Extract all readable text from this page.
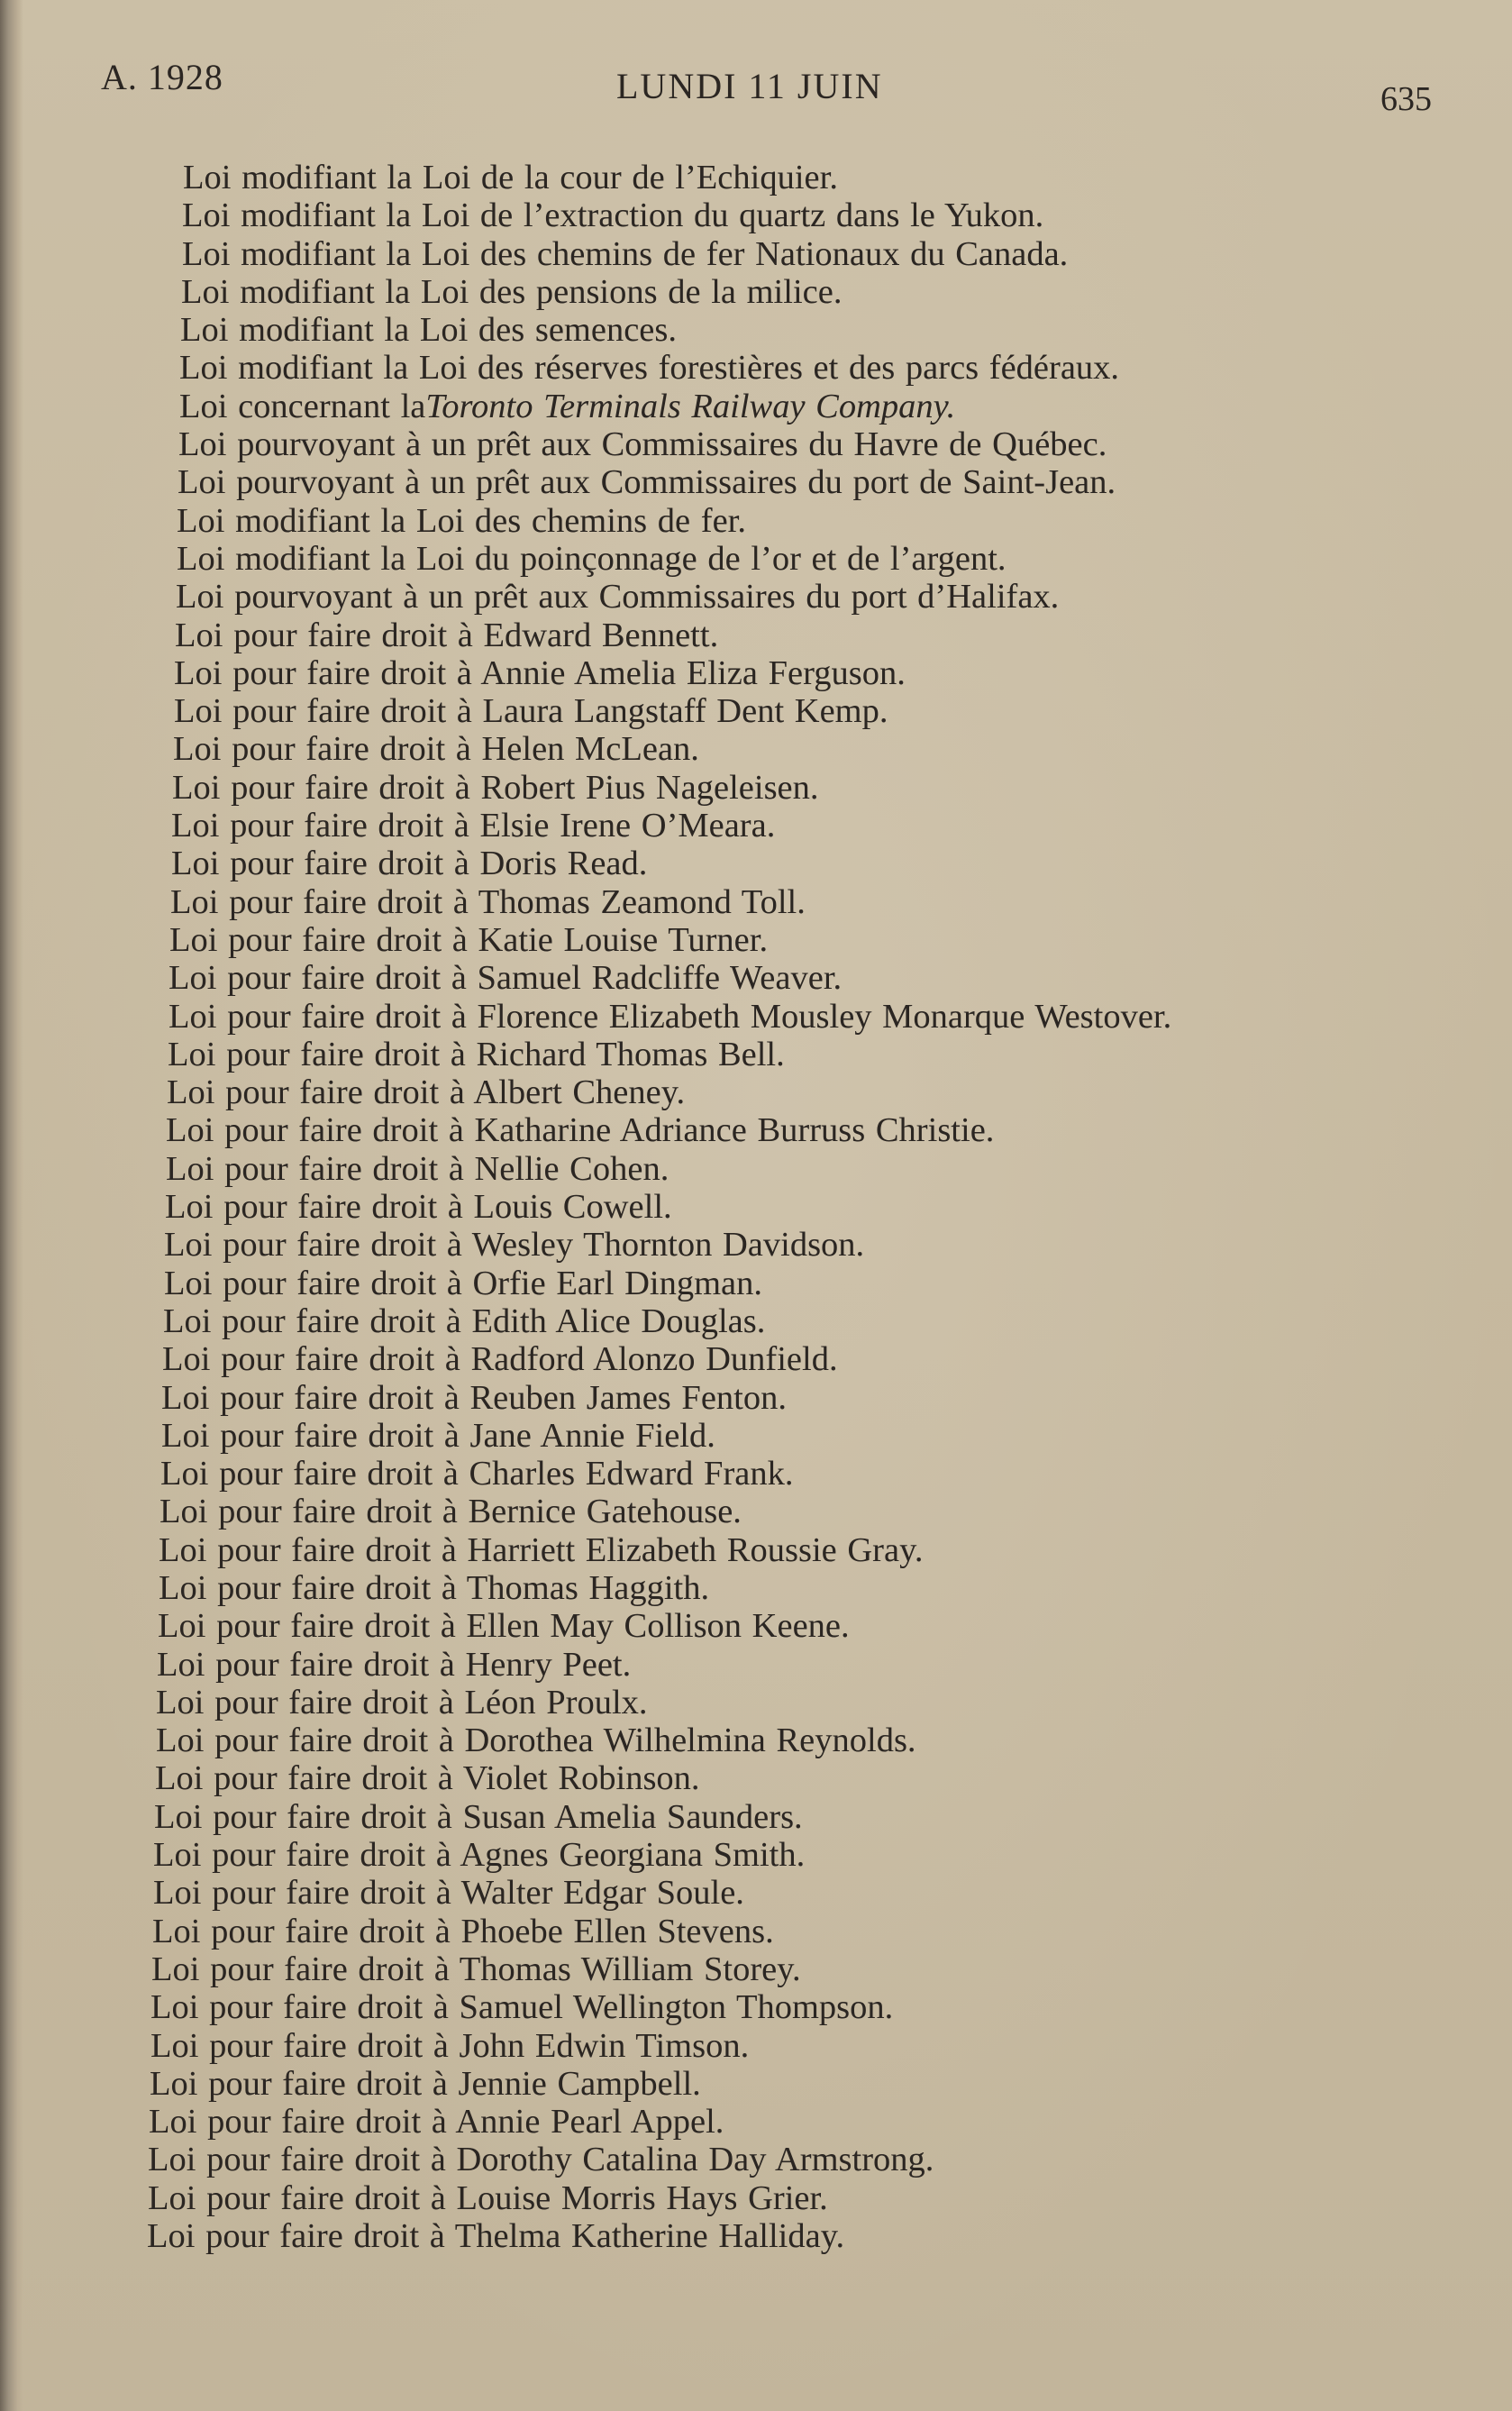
A. 1928	LUNDI 11 JUIN	635
Loi modifiant la Loi de la cour de l’Echiquier.
Loi modifiant la Loi de l’extraction du quartz dans le Yukon.
Loi modifiant la Loi des chemins de fer Nationaux du Canada.
Loi modifiant la Loi des pensions de la milice.
Loi modifiant la Loi des semences.
Loi modifiant la Loi des réserves forestières et des parcs fédéraux.
Loi concernant laToronto Terminals Railway Company.
Loi pourvoyant à un prêt aux Commissaires du Havre de Québec.
Loi pourvoyant à un prêt aux Commissaires du port de Saint-Jean.
Loi modifiant la Loi des chemins de fer.
Loi modifiant la Loi du poinçonnage de l’or et de l’argent.
Loi pourvoyant à un prêt aux Commissaires du port d’Halifax.
Loi pour faire droit à Edward Bennett.
Loi pour faire droit à Annie Amelia Eliza Ferguson.
Loi pour faire droit à Laura Langstaff Dent Kemp.
Loi pour faire droit à Helen McLean.
Loi pour faire droit à Robert Pius Nageleisen.
Loi pour faire droit à Elsie Irene O’Meara.
Loi pour faire droit à Doris Read.
Loi pour faire droit à Thomas Zeamond Toll.
Loi pour faire droit à Katie Louise Turner.
Loi pour faire droit à Samuel Radcliffe Weaver.
Loi pour faire droit à Florence Elizabeth Mousley Monarque Westover.
Loi pour faire droit à Richard Thomas Bell.
Loi pour faire droit à Albert Cheney.
Loi pour faire droit à Katharine Adriance Burruss Christie.
Loi pour faire droit à Nellie Cohen.
Loi pour faire droit à Louis Cowell.
Loi pour faire droit à Wesley Thornton Davidson.
Loi pour faire droit à Orfie Earl Dingman.
Loi pour faire droit à Edith Alice Douglas.
Loi pour faire droit à Radford Alonzo Dunfield.
Loi pour faire droit à Reuben James Fenton.
Loi pour faire droit à Jane Annie Field.
Loi pour faire droit à Charles Edward Frank.
Loi pour faire droit à Bernice Gatehouse.
Loi pour faire droit à Harriett Elizabeth Roussie Gray.
Loi pour faire droit à Thomas Haggith.
Loi pour faire droit à Ellen May Collison Keene.
Loi pour faire droit à Henry Peet.
Loi pour faire droit à Léon Proulx.
Loi pour faire droit à Dorothea Wilhelmina Reynolds.
Loi pour faire droit à Violet Robinson.
Loi pour faire droit à Susan Amelia Saunders.
Loi pour faire droit à Agnes Georgiana Smith.
Loi pour faire droit à Walter Edgar Soule.
Loi pour faire droit à Phoebe Ellen Stevens.
Loi pour faire droit à Thomas William Storey.
Loi pour faire droit à Samuel Wellington Thompson.
Loi pour faire droit à John Edwin Timson.
Loi pour faire droit à Jennie Campbell.
Loi pour faire droit à Annie Pearl Appel.
Loi pour faire droit à Dorothy Catalina Day Armstrong.
Loi pour faire droit à Louise Morris Hays Grier.
Loi pour faire droit à Thelma Katherine Halliday.
